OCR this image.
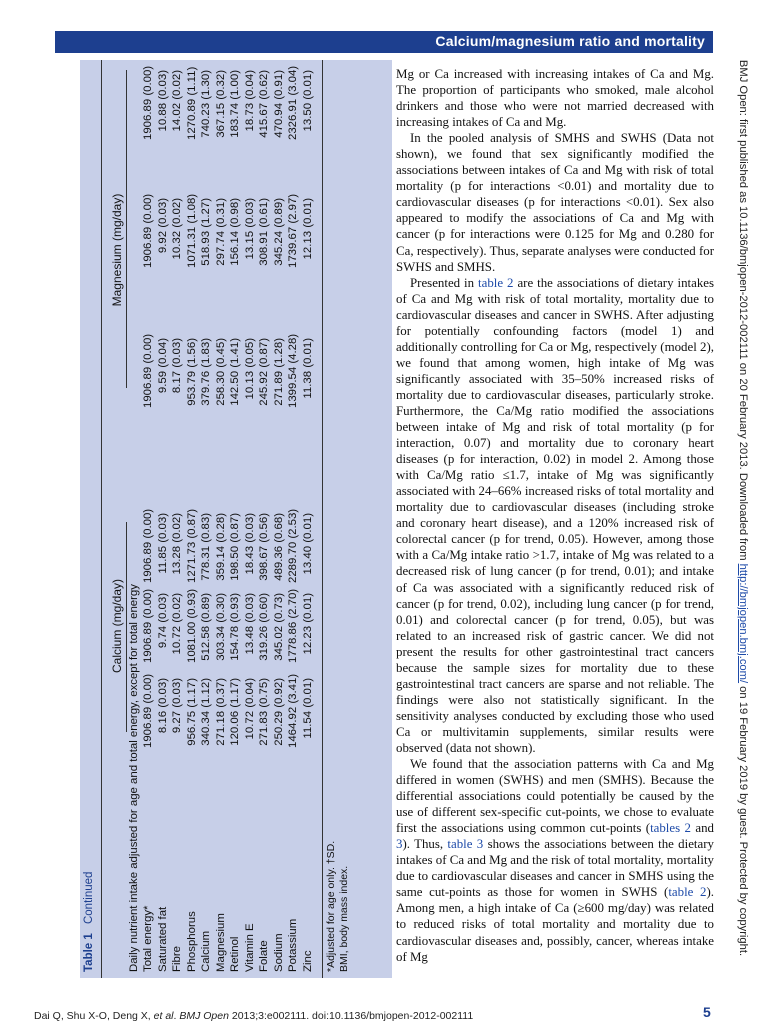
Calcium/magnesium ratio and mortality
BMJ Open: first published as 10.1136/bmjopen-2012-002111 on 20 February 2013. Downloaded from http://bmjopen.bmj.com/ on 19 February 2019 by guest. Protected by copyright.
Table 1 Continued
Calcium (mg/day)
Magnesium (mg/day)
Daily nutrient intake adjusted for age and total energy, except for total energy Total energy*
1906.89 (0.00)
1906.89 (0.00)
1906.89 (0.00)
1906.89 (0.00)
1906.89 (0.00)
1906.89 (0.00)
Saturated fat
8.16 (0.03)
9.74 (0.03)
11.85 (0.03)
9.59 (0.04)
9.92 (0.03)
10.88 (0.03)
Fibre
9.27 (0.03)
10.72 (0.02)
13.28 (0.02)
8.17 (0.03)
10.32 (0.02)
14.02 (0.02)
Phosphorus
956.75 (1.17)
1081.00 (0.93)
1271.73 (0.87)
953.79 (1.56)
1071.31 (1.08)
1270.89 (1.11)
Calcium
340.34 (1.12)
512.58 (0.89)
778.31 (0.83)
379.76 (1.83)
518.93 (1.27)
740.23 (1.30)
Magnesium
271.18 (0.37)
303.34 (0.30)
359.14 (0.28)
258.30 (0.45)
297.74 (0.31)
367.15 (0.32)
Retinol
120.06 (1.17)
154.78 (0.93)
198.50 (0.87)
142.50 (1.41)
156.14 (0.98)
183.74 (1.00)
Vitamin E
10.72 (0.04)
13.48 (0.03)
18.43 (0.03)
10.13 (0.05)
13.15 (0.03)
18.73 (0.04)
Folate
271.83 (0.75)
319.26 (0.60)
398.67 (0.56)
245.92 (0.87)
308.91 (0.61)
415.67 (0.62)
Sodium
250.29 (0.92)
345.02 (0.73)
489.36 (0.68)
271.89 (1.28)
345.24 (0.89)
470.94 (0.91)
Potassium
1464.92 (3.41)
1778.86 (2.70)
2289.70 (2.53)
1399.54 (4.28)
1739.67 (2.97)
2326.91 (3.04)
Zinc
11.54 (0.01)
12.23 (0.01)
13.40 (0.01)
11.38 (0.01)
12.13 (0.01)
13.50 (0.01)
*Adjusted for age only. †SD. BMI, body mass index.

Mg or Ca increased with increasing intakes of Ca and Mg. The proportion of participants who smoked, male alcohol drinkers and those who were not married decreased with increasing intakes of Ca and Mg.

In the pooled analysis of SMHS and SWHS (Data not shown), we found that sex significantly modified the associations between intakes of Ca and Mg with risk of total mortality (p for interactions <0.01) and mortality due to cardiovascular diseases (p for interactions <0.01). Sex also appeared to modify the associations of Ca and Mg with cancer (p for interactions were 0.125 for Mg and 0.280 for Ca, respectively). Thus, separate analyses were conducted for SWHS and SMHS.

Presented in table 2 are the associations of dietary intakes of Ca and Mg with risk of total mortality, mortality due to cardiovascular diseases and cancer in SWHS. After adjusting for potentially confounding factors (model 1) and additionally controlling for Ca or Mg, respectively (model 2), we found that among women, high intake of Mg was significantly associated with 35–50% increased risks of mortality due to cardiovascular diseases, particularly stroke. Furthermore, the Ca/Mg ratio modified the associations between intake of Mg and risk of total mortality (p for interaction, 0.07) and mortality due to coronary heart diseases (p for interaction, 0.02) in model 2. Among those with Ca/Mg ratio ≤1.7, intake of Mg was significantly associated with 24–66% increased risks of total mortality and mortality due to cardiovascular diseases (including stroke and coronary heart disease), and a 120% increased risk of colorectal cancer (p for trend, 0.05). However, among those with a Ca/Mg intake ratio >1.7, intake of Mg was related to a decreased risk of lung cancer (p for trend, 0.01); and intake of Ca was associated with a significantly reduced risk of cancer (p for trend, 0.02), including lung cancer (p for trend, 0.01) and colorectal cancer (p for trend, 0.05), but was related to an increased risk of gastric cancer. We did not present the results for other gastrointestinal tract cancers because the sample sizes for mortality due to these gastrointestinal tract cancers are sparse and not reliable. The findings were also not statistically significant. In the sensitivity analyses conducted by excluding those who used Ca or multivitamin supplements, similar results were observed (data not shown).

We found that the association patterns with Ca and Mg differed in women (SWHS) and men (SMHS). Because the differential associations could potentially be caused by the use of different sex-specific cut-points, we chose to evaluate first the associations using common cut-points (tables 2 and 3). Thus, table 3 shows the associations between the dietary intakes of Ca and Mg and the risk of total mortality, mortality due to cardiovascular diseases and cancer in SMHS using the same cut-points as those for women in SWHS (table 2). Among men, a high intake of Ca (≥600 mg/day) was related to reduced risks of total mortality and mortality due to cardiovascular diseases and, possibly, cancer, whereas intake of Mg

Dai Q, Shu X-O, Deng X, et al. BMJ Open 2013;3:e002111. doi:10.1136/bmjopen-2012-002111	5
